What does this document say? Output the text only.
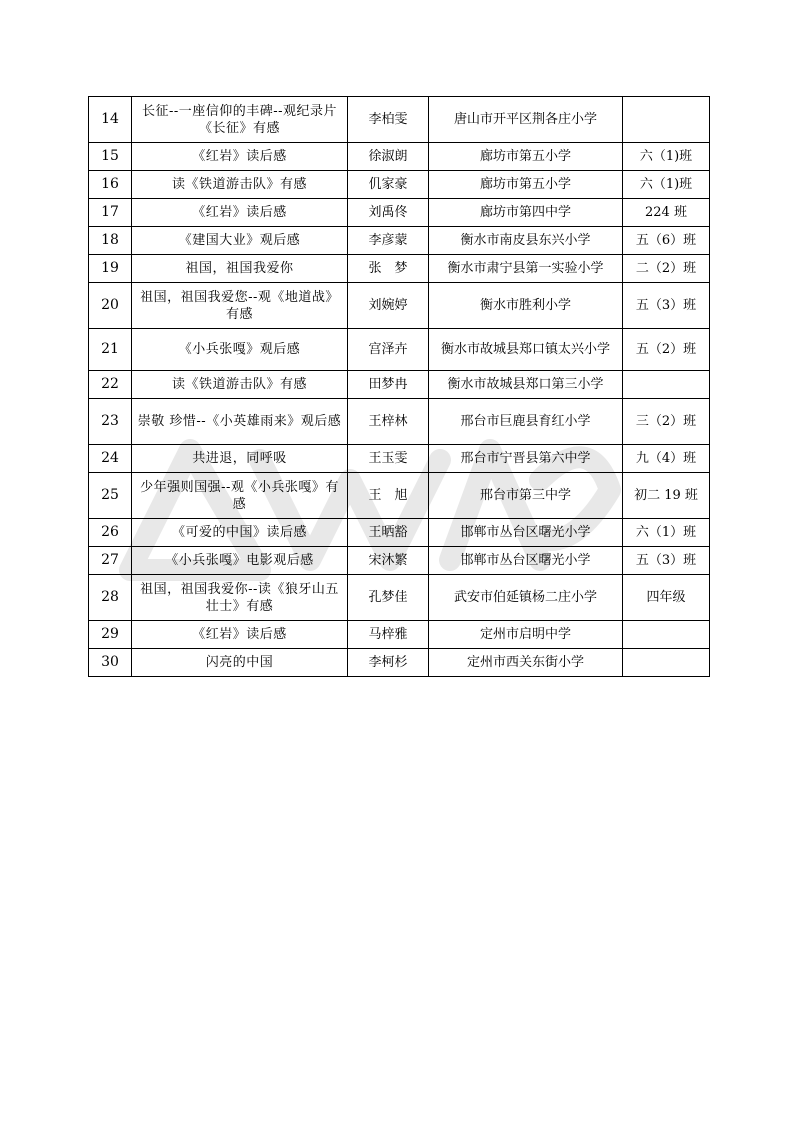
14	长征--一座信仰的丰碑--观纪录片《长征》有感	李柏雯	唐山市开平区荆各庄小学	
15	《红岩》读后感	徐淑朗	廊坊市第五小学	六（1)班
16	读《铁道游击队》有感	仉家豪	廊坊市第五小学	六（1)班
17	《红岩》读后感	刘禹佟	廊坊市第四中学	224 班
18	《建国大业》观后感	李彦蒙	衡水市南皮县东兴小学	五（6）班
19	祖国，祖国我爱你	张　梦	衡水市肃宁县第一实验小学	二（2）班
20	祖国，祖国我爱您--观《地道战》有感	刘婉婷	衡水市胜利小学	五（3）班
21	《小兵张嘎》观后感	宫泽卉	衡水市故城县郑口镇太兴小学	五（2）班
22	读《铁道游击队》有感	田梦冉	衡水市故城县郑口第三小学	
23	崇敬 珍惜--《小英雄雨来》观后感	王梓林	邢台市巨鹿县育红小学	三（2）班
24	共进退，同呼吸	王玉雯	邢台市宁晋县第六中学	九（4）班
25	少年强则国强--观《小兵张嘎》有感	王　旭	邢台市第三中学	初二 19 班
26	《可爱的中国》读后感	王晒豁	邯郸市丛台区曙光小学	六（1）班
27	《小兵张嘎》电影观后感	宋沐繁	邯郸市丛台区曙光小学	五（3）班
28	祖国，祖国我爱你--读《狼牙山五壮士》有感	孔梦佳	武安市伯延镇杨二庄小学	四年级
29	《红岩》读后感	马梓雅	定州市启明中学	
30	闪亮的中国	李柯杉	定州市西关东街小学	
